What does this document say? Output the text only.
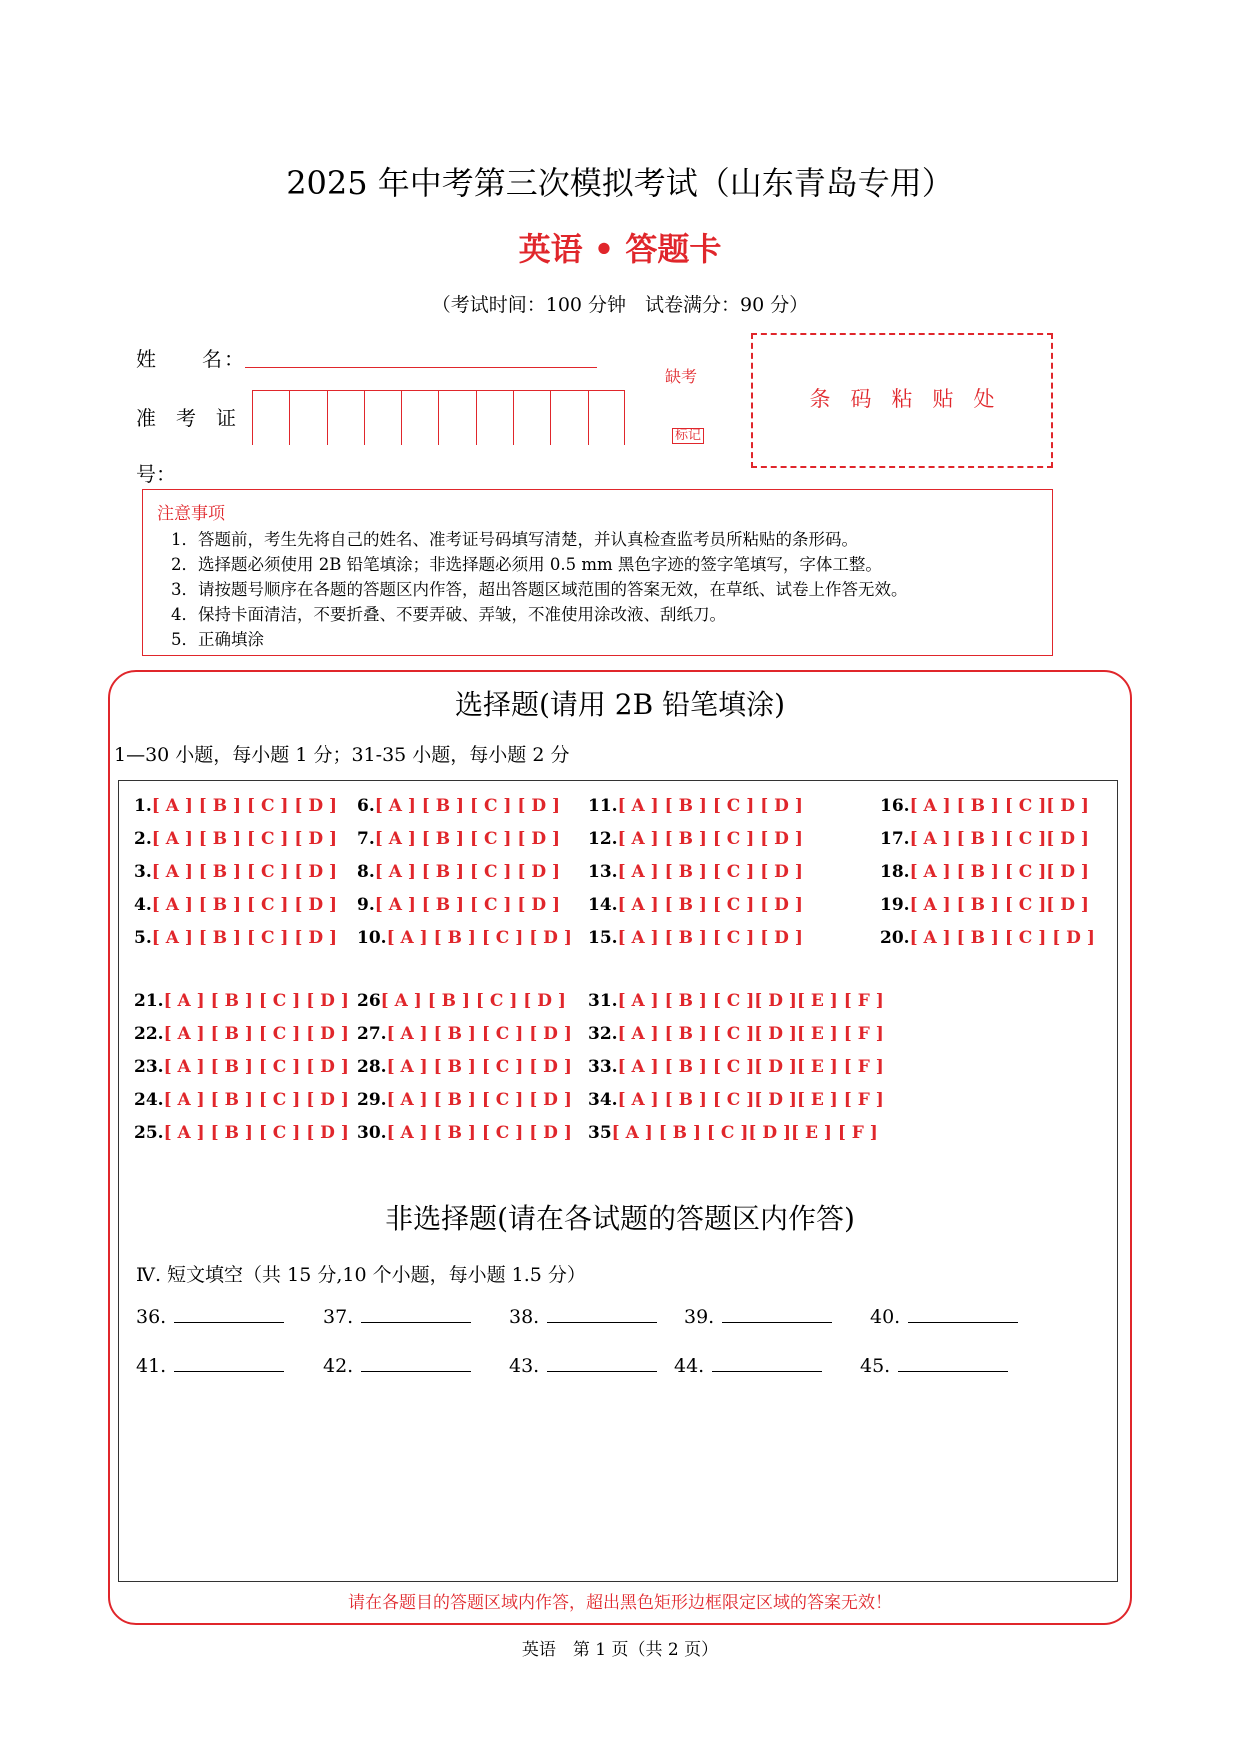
2025 年中考第三次模拟考试（山东青岛专用）
英语 • 答题卡
（考试时间：100 分钟　试卷满分：90 分）
姓　　名：
准　考　证
号：
缺考
标记
条码粘贴处
注意事项
1．答题前，考生先将自己的姓名、准考证号码填写清楚，并认真检查监考员所粘贴的条形码。
2．选择题必须使用 2B 铅笔填涂；非选择题必须用 0.5 mm 黑色字迹的签字笔填写，字体工整。
3．请按题号顺序在各题的答题区内作答，超出答题区域范围的答案无效，在草纸、试卷上作答无效。
4．保持卡面清洁，不要折叠、不要弄破、弄皱，不准使用涂改液、刮纸刀。
5．正确填涂
选择题(请用 2B 铅笔填涂)
1—30 小题，每小题 1 分；31-35 小题，每小题 2 分
1.[ A ] [ B ] [ C ] [ D ]
2.[ A ] [ B ] [ C ] [ D ]
3.[ A ] [ B ] [ C ] [ D ]
4.[ A ] [ B ] [ C ] [ D ]
5.[ A ] [ B ] [ C ] [ D ]
6.[ A ] [ B ] [ C ] [ D ]
7.[ A ] [ B ] [ C ] [ D ]
8.[ A ] [ B ] [ C ] [ D ]
9.[ A ] [ B ] [ C ] [ D ]
10.[ A ] [ B ] [ C ] [ D ]
11.[ A ] [ B ] [ C ] [ D ]
12.[ A ] [ B ] [ C ] [ D ]
13.[ A ] [ B ] [ C ] [ D ]
14.[ A ] [ B ] [ C ] [ D ]
15.[ A ] [ B ] [ C ] [ D ]
16.[ A ] [ B ] [ C ][ D ]
17.[ A ] [ B ] [ C ][ D ]
18.[ A ] [ B ] [ C ][ D ]
19.[ A ] [ B ] [ C ][ D ]
20.[ A ] [ B ] [ C ] [ D ]
21.[ A ] [ B ] [ C ] [ D ]
22.[ A ] [ B ] [ C ] [ D ]
23.[ A ] [ B ] [ C ] [ D ]
24.[ A ] [ B ] [ C ] [ D ]
25.[ A ] [ B ] [ C ] [ D ]
26[ A ] [ B ] [ C ] [ D ]
27.[ A ] [ B ] [ C ] [ D ]
28.[ A ] [ B ] [ C ] [ D ]
29.[ A ] [ B ] [ C ] [ D ]
30.[ A ] [ B ] [ C ] [ D ]
31.[ A ] [ B ] [ C ][ D ][ E ] [ F ]
32.[ A ] [ B ] [ C ][ D ][ E ] [ F ]
33.[ A ] [ B ] [ C ][ D ][ E ] [ F ]
34.[ A ] [ B ] [ C ][ D ][ E ] [ F ]
35[ A ] [ B ] [ C ][ D ][ E ] [ F ]
非选择题(请在各试题的答题区内作答)
Ⅳ. 短文填空（共 15 分,10 个小题，每小题 1.5 分）
36.	37.	38.	39.	40.
41.	42.	43.	44.	45.
请在各题目的答题区域内作答，超出黑色矩形边框限定区域的答案无效！
英语　第 1 页（共 2 页）
